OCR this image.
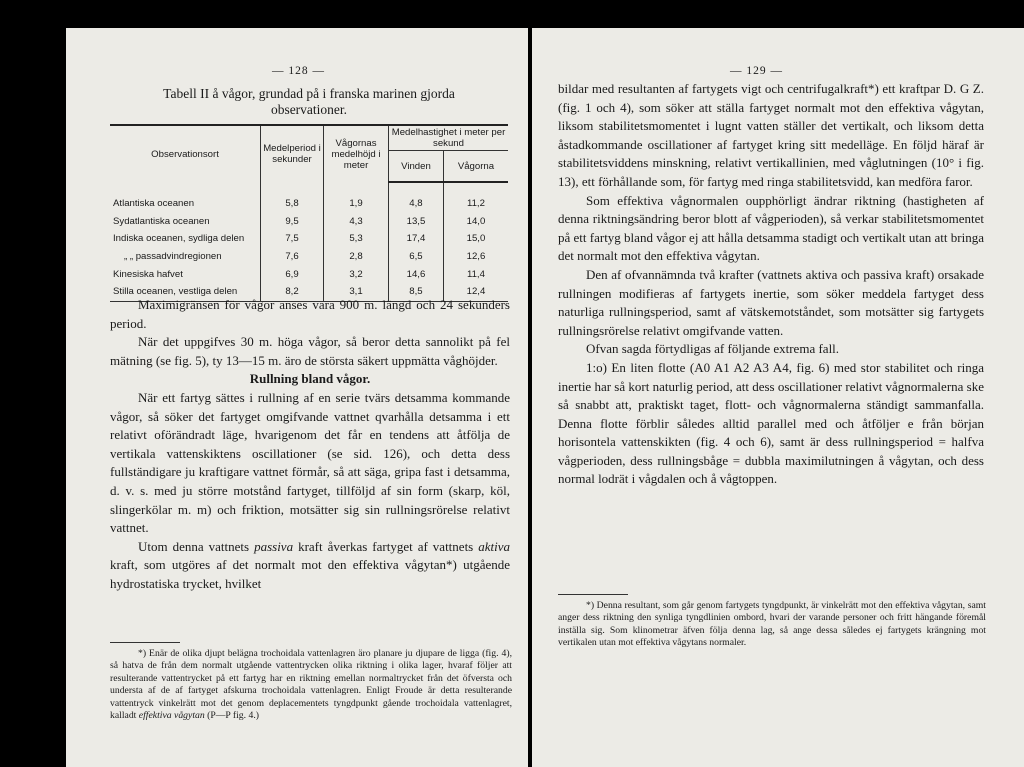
— 128 —
Tabell II å vågor, grundad på i franska marinen gjorda observationer.
Observationsort	Medelperiod i sekunder	Vågornas medelhöjd i meter	Medelhastighet i meter per sekund	
			Vinden	Vågorna

Atlantiska oceanen	5,8	1,9	4,8	11,2
Sydatlantiska oceanen	9,5	4,3	13,5	14,0
Indiska oceanen, sydliga delen	7,5	5,3	17,4	15,0
„ „ passadvindregionen	7,6	2,8	6,5	12,6
Kinesiska hafvet	6,9	3,2	14,6	11,4
Stilla oceanen, vestliga delen	8,2	3,1	8,5	12,4

Maximigränsen för vågor anses vara 900 m. längd och 24 sekunders period.

När det uppgifves 30 m. höga vågor, så beror detta sannolikt på fel mätning (se fig. 5), ty 13—15 m. äro de största säkert uppmätta våghöjder.

Rullning bland vågor.

När ett fartyg sättes i rullning af en serie tvärs detsamma kommande vågor, så söker det fartyget omgifvande vattnet qvarhålla detsamma i ett relativt oförändradt läge, hvarigenom det får en tendens att åtfölja de vertikala vattenskiktens oscillationer (se sid. 126), och detta dess fullständigare ju kraftigare vattnet förmår, så att säga, gripa fast i detsamma, d. v. s. med ju större motstånd fartyget, tillföljd af sin form (skarp, köl, slingerkölar m. m) och friktion, motsätter sig sin rullningsrörelse relativt vattnet.

Utom denna vattnets passiva kraft åverkas fartyget af vattnets aktiva kraft, som utgöres af det normalt mot den effektiva vågytan*) utgående hydrostatiska trycket, hvilket

*) Enär de olika djupt belägna trochoidala vattenlagren äro planare ju djupare de ligga (fig. 4), så hatva de från dem normalt utgående vattentrycken olika riktning i olika lager, hvaraf följer att resulterande vattentrycket på ett fartyg har en riktning emellan normaltrycket från det öfversta och understa af de af fartyget afskurna trochoidala vattenlagren. Enligt Froude är detta resulterande vattentryck vinkelrätt mot det genom deplacementets tyngdpunkt gående trochoidala vattenlagret, kalladt effektiva vågytan (P—P fig. 4.)

— 129 —

bildar med resultanten af fartygets vigt och centrifugalkraft*) ett kraftpar D. G Z. (fig. 1 och 4), som söker att ställa fartyget normalt mot den effektiva vågytan, liksom stabilitetsmomentet i lugnt vatten ställer det vertikalt, och liksom detta åstadkommande oscillationer af fartyget kring sitt medelläge. En följd häraf är stabilitetsviddens minskning, relativt vertikallinien, med våglutningen (10° i fig. 13), ett förhållande som, för fartyg med ringa stabilitetsvidd, kan medföra faror.

Som effektiva vågnormalen oupphörligt ändrar riktning (hastigheten af denna riktningsändring beror blott af vågperioden), så verkar stabilitetsmomentet på ett fartyg bland vågor ej att hålla detsamma stadigt och vertikalt utan att bringa det normalt mot den effektiva vågytan.

Den af ofvannämnda två krafter (vattnets aktiva och passiva kraft) orsakade rullningen modifieras af fartygets inertie, som söker meddela fartyget dess naturliga rullningsperiod, samt af vätskemotståndet, som motsätter sig fartygets rullningsrörelse relativt omgifvande vatten.

Ofvan sagda förtydligas af följande extrema fall.

1:o) En liten flotte (A0 A1 A2 A3 A4, fig. 6) med stor stabilitet och ringa inertie har så kort naturlig period, att dess oscillationer relativt vågnormalerna ske så snabbt att, praktiskt taget, flott- och vågnormalerna ständigt sammanfalla. Denna flotte förblir således alltid parallel med och åtföljer e från början horisontela vattenskikten (fig. 4 och 6), samt är dess rullningsperiod = halfva vågperioden, dess rullningsbåge = dubbla maximilutningen å vågytan, och dess normal lodrät i vågdalen och å vågtoppen.

*) Denna resultant, som går genom fartygets tyngdpunkt, är vinkelrätt mot den effektiva vågytan, samt anger dess riktning den synliga tyngdlinien ombord, hvari der varande personer och fritt hängande föremål inställa sig. Som klinometrar äfven följa denna lag, så ange dessa således ej fartygets krängning mot vertikalen utan mot effektiva vågytans normaler.
